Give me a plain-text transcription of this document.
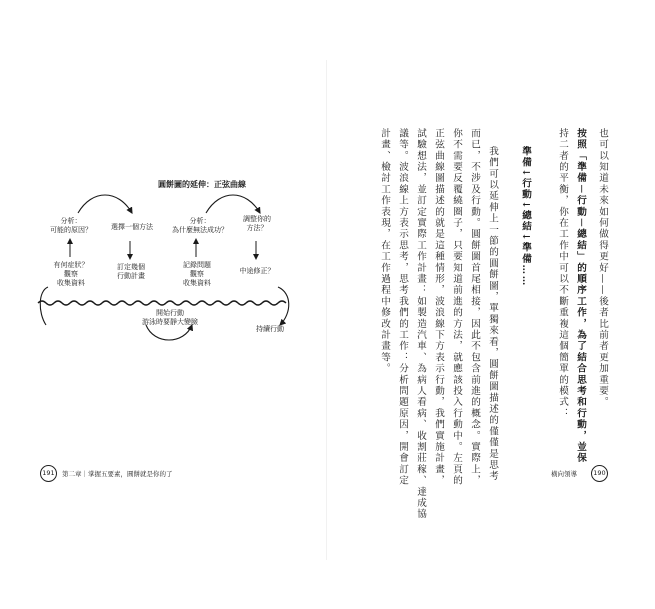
圓餅圖的延伸：正弦曲線
分析：
可能的原因？	選擇一個方法
分析：
為什麼無法成功？
調整你的
方法？
有何症狀？
觀察
收集資料
訂定幾個
行動計畫
記錄問題
觀察
收集資料
中途修正？
開始行動
游泳時要靜大變臉
持續行動	也可以知道未來如何做得更好——後者比前者更加重要。
按照「準備－行動－總結」的順序工作，為了結合思考和行動，並保
持二者的平衡，你在工作中可以不斷重複這個簡單的模式：
準備↓行動↓總結↓準備……
我們可以延伸上一節的圓餅圖，單獨來看，圓餅圖描述的僅僅是思考
而已，不涉及行動。圓餅圖首尾相接，因此不包含前進的概念。實際上，
你不需要反覆繞圈子，只要知道前進的方法，就應該投入行動中。左頁的
正弦曲線圖描述的就是這種情形，波浪線下方表示行動，我們實施計畫，
試驗想法，並訂定實際工作計畫：如製造汽車、為病人看病、收割莊稼、達成協
議等。波浪線上方表示思考，思考我們的工作：分析問題原因，開會訂定
計畫、檢討工作表現，在工作過程中修改計畫等。
191	第二章｜掌握五要素，圓餅就是你的了	橫向領導	190
